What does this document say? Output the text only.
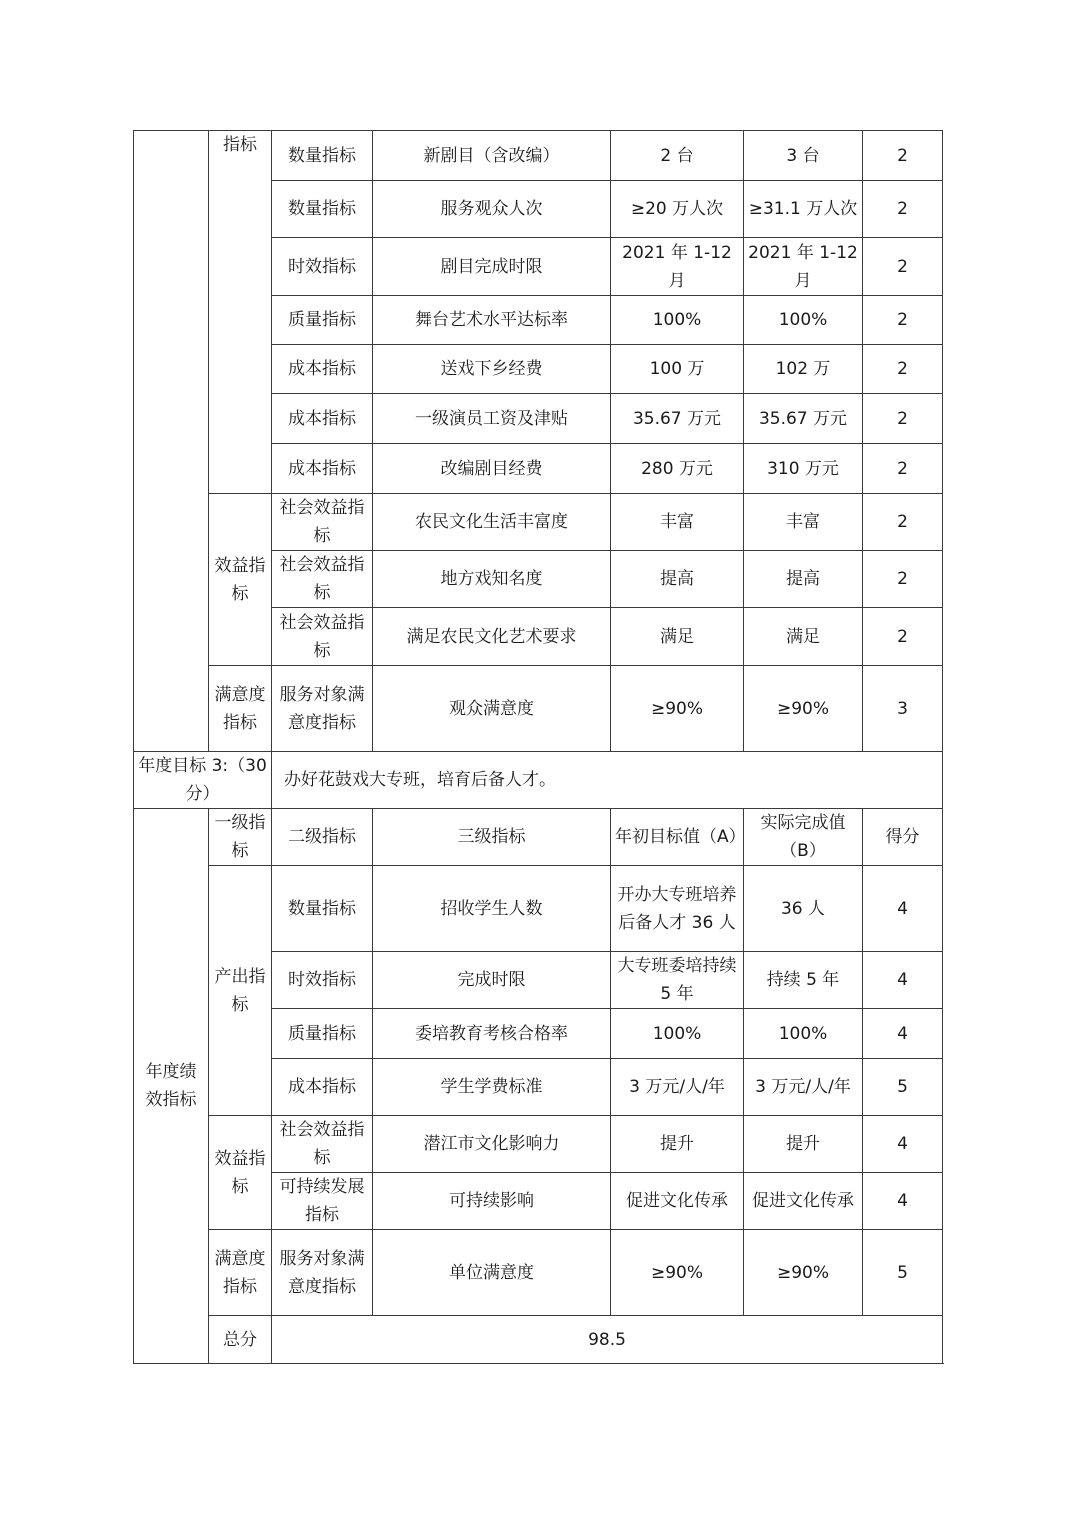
	指标	数量指标	新剧目（含改编）	2 台	3 台	2
		数量指标	服务观众人次	≥20 万人次	≥31.1 万人次	2
		时效指标	剧目完成时限	2021 年 1-12 月	2021 年 1-12 月	2
		质量指标	舞台艺术水平达标率	100%	100%	2
		成本指标	送戏下乡经费	100 万	102 万	2
		成本指标	一级演员工资及津贴	35.67 万元	35.67 万元	2
		成本指标	改编剧目经费	280 万元	310 万元	2
	效益指标	社会效益指标	农民文化生活丰富度	丰富	丰富	2
		社会效益指标	地方戏知名度	提高	提高	2
		社会效益指标	满足农民文化艺术要求	满足	满足	2
	满意度指标	服务对象满意度指标	观众满意度	≥90%	≥90%	3
年度目标 3:（30 分）		办好花鼓戏大专班，培育后备人才。				
年度绩效指标	一级指标	二级指标	三级指标	年初目标值（A）	实际完成值（B）	得分
	产出指标	数量指标	招收学生人数	开办大专班培养后备人才 36 人	36 人	4
		时效指标	完成时限	大专班委培持续 5 年	持续 5 年	4
		质量指标	委培教育考核合格率	100%	100%	4
		成本指标	学生学费标准	3 万元/人/年	3 万元/人/年	5
	效益指标	社会效益指标	潜江市文化影响力	提升	提升	4
		可持续发展指标	可持续影响	促进文化传承	促进文化传承	4
	满意度指标	服务对象满意度指标	单位满意度	≥90%	≥90%	5
	总分	98.5				
